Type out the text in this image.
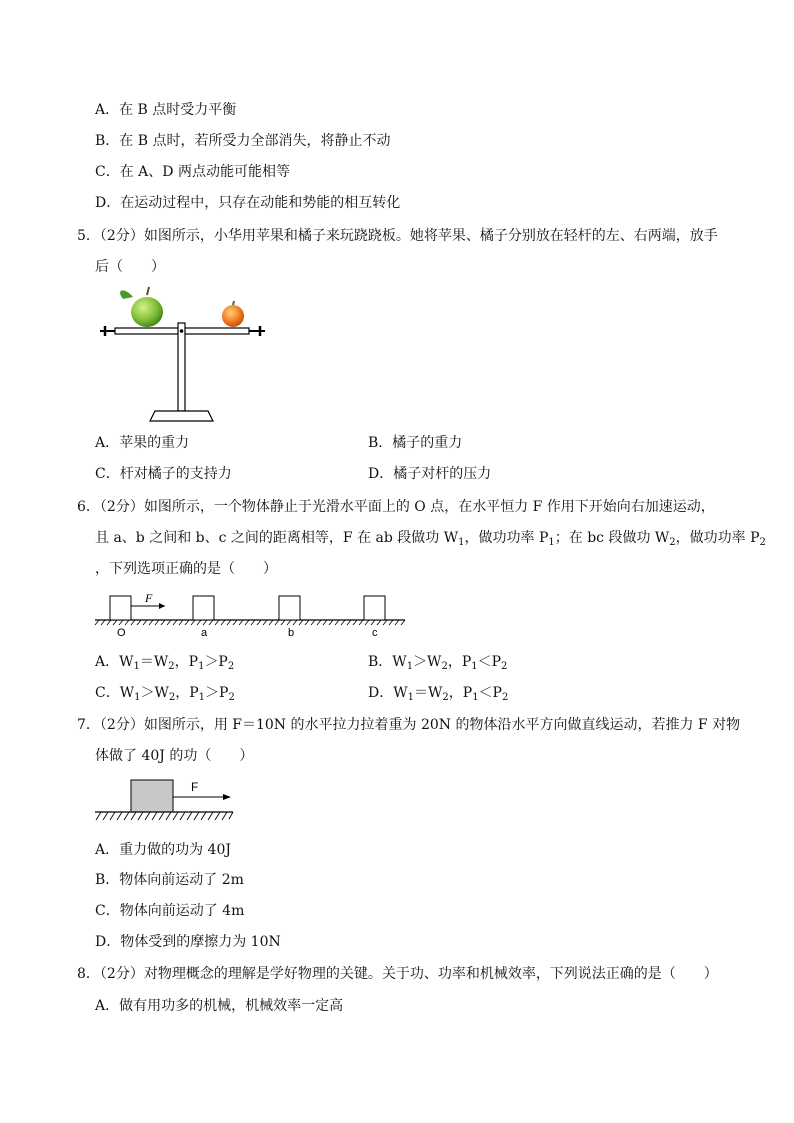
A．在 B 点时受力平衡
B．在 B 点时，若所受力全部消失，将静止不动
C．在 A、D 两点动能可能相等
D．在运动过程中，只存在动能和势能的相互转化
5．（2分）如图所示，小华用苹果和橘子来玩跷跷板。她将苹果、橘子分别放在轻杆的左、右两端，放手
后（　　）
A．苹果的重力	B．橘子的重力
C．杆对橘子的支持力	D．橘子对杆的压力
6．（2分）如图所示，一个物体静止于光滑水平面上的 O 点，在水平恒力 F 作用下开始向右加速运动，
且 a、b 之间和 b、c 之间的距离相等，F 在 ab 段做功 $W_1$，做功功率 $P_1$；在 bc 段做功 $W_2$，做功功率 $P_2$
，下列选项正确的是（　　）
F
O	a	b	c
A．$W_1=W_2$，$P_1>P_2$	B．$W_1>W_2$，$P_1<P_2$
C．$W_1>W_2$，$P_1>P_2$	D．$W_1=W_2$，$P_1<P_2$
7．（2分）如图所示，用 F＝10N 的水平拉力拉着重为 20N 的物体沿水平方向做直线运动，若推力 F 对物
体做了 40J 的功（　　）
F
A．重力做的功为 40J
B．物体向前运动了 2m
C．物体向前运动了 4m
D．物体受到的摩擦力为 10N
8．（2分）对物理概念的理解是学好物理的关键。关于功、功率和机械效率，下列说法正确的是（　　）
A．做有用功多的机械，机械效率一定高
